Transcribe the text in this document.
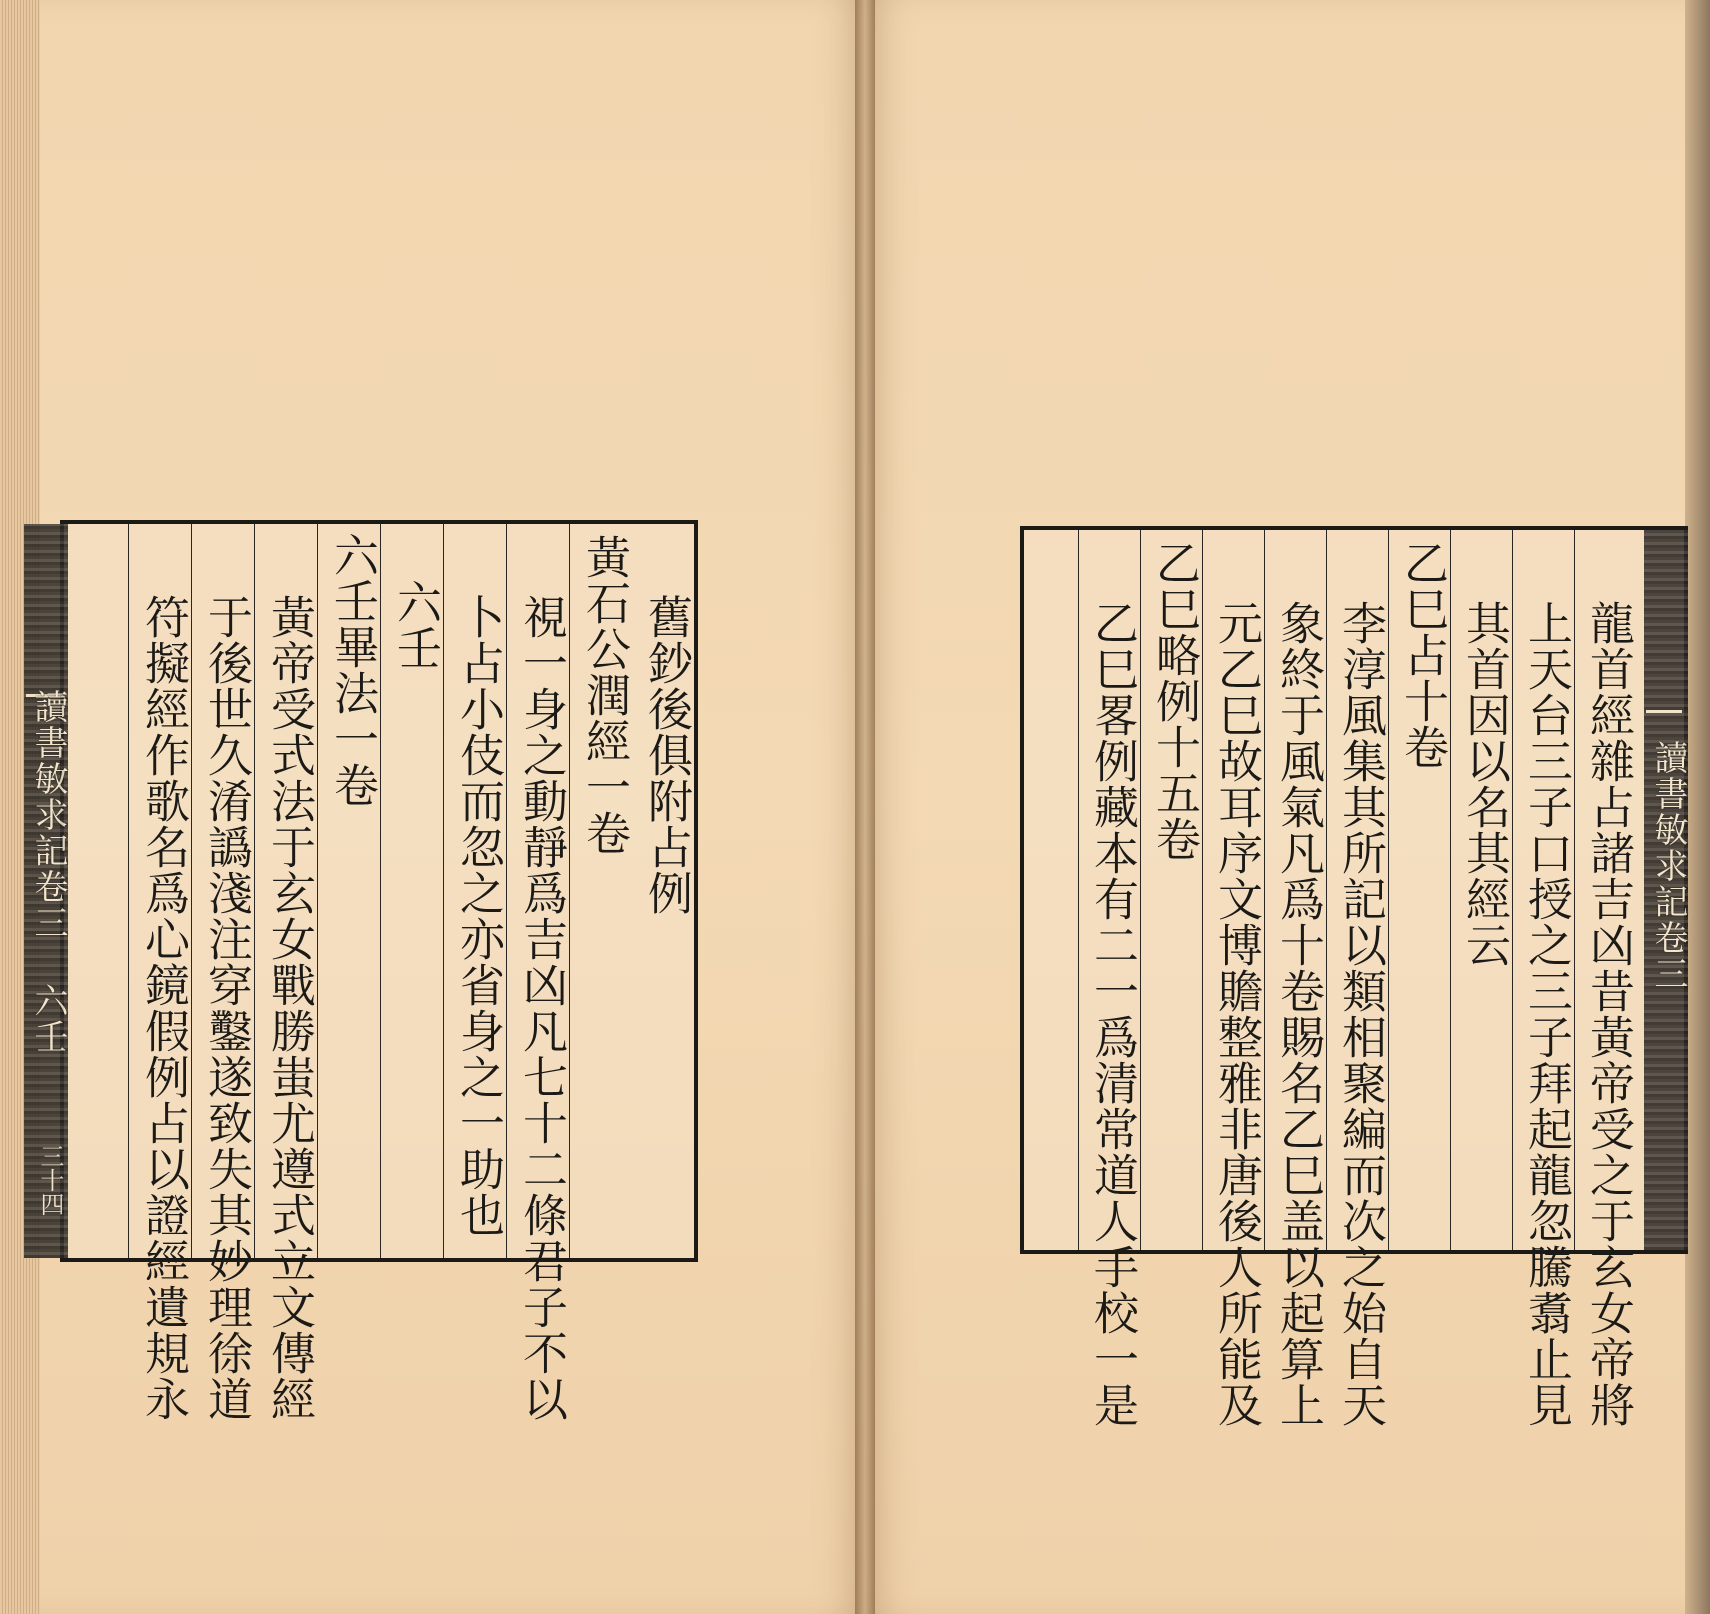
讀書敏求記卷三 六壬
三十四
舊鈔後俱附占例
黃石公潤經一卷
視一身之動靜爲吉凶凡七十二條君子不以
卜占小伎而忽之亦省身之一助也
六壬
六壬畢法一卷
黃帝受式法于玄女戰勝蚩尤遵式立文傳經
于後世久淆譌淺注穿鑿遂致失其妙理徐道
符擬經作歌名爲心鏡假例占以證經遺規永	讀書敏求記卷三
龍首經雜占諸吉凶昔黃帝受之于玄女帝將
上天台三子口授之三子拜起龍忽騰翥止見
其首因以名其經云
乙巳占十卷
李淳風集其所記以類相聚編而次之始自天
象終于風氣凡爲十卷賜名乙巳盖以起算上
元乙巳故耳序文博贍整雅非唐後人所能及
乙巳略例十五卷
乙巳畧例藏本有二一爲清常道人手校一是
